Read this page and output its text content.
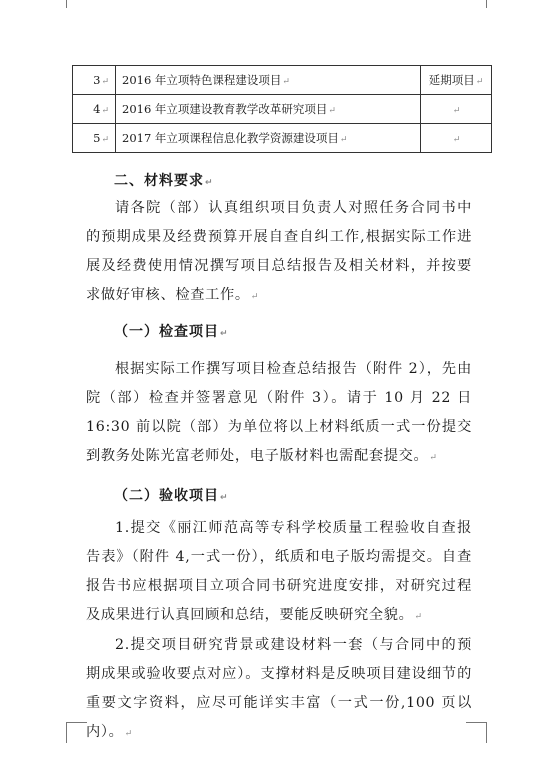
3↵	2016 年立项特色课程建设项目↵	延期项目↵
4↵	2016 年立项建设教育教学改革研究项目↵	↵
5↵	2017 年立项课程信息化教学资源建设项目↵	↵
二、材料要求↵

请各院（部）认真组织项目负责人对照任务合同书中的预期成果及经费预算开展自查自纠工作,根据实际工作进展及经费使用情况撰写项目总结报告及相关材料，并按要求做好审核、检查工作。↵

（一）检查项目↵

根据实际工作撰写项目检查总结报告（附件 2），先由院（部）检查并签署意见（附件 3）。请于 10 月 22 日 16:30 前以院（部）为单位将以上材料纸质一式一份提交到教务处陈光富老师处，电子版材料也需配套提交。↵

（二）验收项目↵

1.提交《丽江师范高等专科学校质量工程验收自查报告表》（附件 4,一式一份），纸质和电子版均需提交。自查报告书应根据项目立项合同书研究进度安排，对研究过程及成果进行认真回顾和总结，要能反映研究全貌。↵

2.提交项目研究背景或建设材料一套（与合同中的预期成果或验收要点对应）。支撑材料是反映项目建设细节的重要文字资料，应尽可能详实丰富（一式一份,100 页以内）。↵
